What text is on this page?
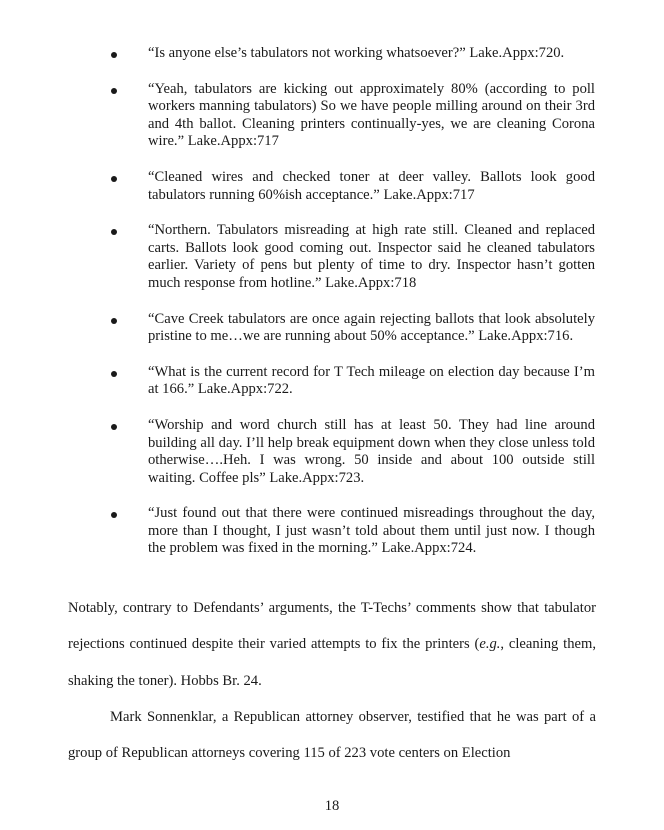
“Is anyone else’s tabulators not working whatsoever?” Lake.Appx:720.
“Yeah, tabulators are kicking out approximately 80% (according to poll workers manning tabulators) So we have people milling around on their 3rd and 4th ballot. Cleaning printers continually-yes, we are cleaning Corona wire.” Lake.Appx:717
“Cleaned wires and checked toner at deer valley. Ballots look good tabulators running 60%ish acceptance.” Lake.Appx:717
“Northern. Tabulators misreading at high rate still. Cleaned and replaced carts. Ballots look good coming out. Inspector said he cleaned tabulators earlier. Variety of pens but plenty of time to dry. Inspector hasn’t gotten much response from hotline.” Lake.Appx:718
“Cave Creek tabulators are once again rejecting ballots that look absolutely pristine to me…we are running about 50% acceptance.” Lake.Appx:716.
“What is the current record for T Tech mileage on election day because I’m at 166.” Lake.Appx:722.
“Worship and word church still has at least 50. They had line around building all day. I’ll help break equipment down when they close unless told otherwise….Heh. I was wrong. 50 inside and about 100 outside still waiting. Coffee pls” Lake.Appx:723.
“Just found out that there were continued misreadings throughout the day, more than I thought, I just wasn’t told about them until just now. I though the problem was fixed in the morning.” Lake.Appx:724.

Notably, contrary to Defendants’ arguments, the T-Techs’ comments show that tabulator rejections continued despite their varied attempts to fix the printers (e.g., cleaning them, shaking the toner). Hobbs Br. 24.

Mark Sonnenklar, a Republican attorney observer, testified that he was part of a group of Republican attorneys covering 115 of 223 vote centers on Election

18
